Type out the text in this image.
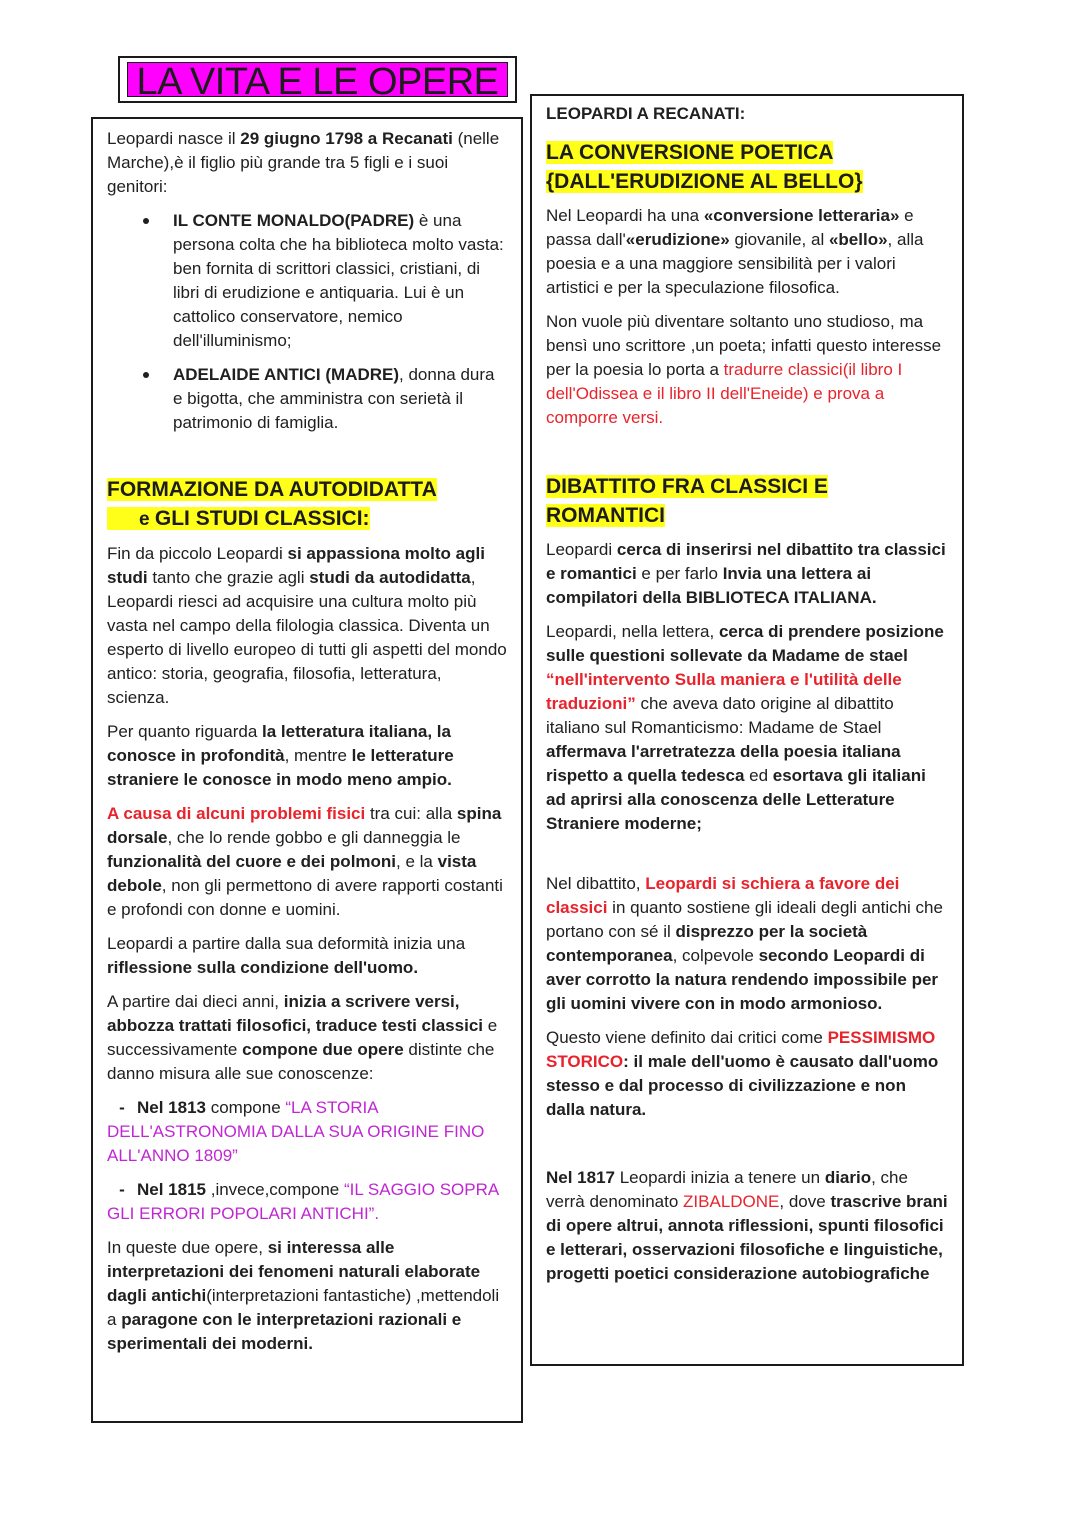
LA VITA E LE OPERE

Leopardi nasce il 29 giugno 1798 a Recanati (nelle Marche),è il figlio più grande tra 5 figli e i suoi genitori:

IL CONTE MONALDO(PADRE) è una persona colta che ha biblioteca molto vasta: ben fornita di scrittori classici, cristiani, di libri di erudizione e antiquaria. Lui è un cattolico conservatore, nemico dell'illuminismo;
ADELAIDE ANTICI (MADRE), donna dura e bigotta, che amministra con serietà il patrimonio di famiglia.
FORMAZIONE DA AUTODIDATTA
e GLI STUDI CLASSICI:

Fin da piccolo Leopardi si appassiona molto agli studi tanto che grazie agli studi da autodidatta, Leopardi riesci ad acquisire una cultura molto più vasta nel campo della filologia classica. Diventa un esperto di livello europeo di tutti gli aspetti del mondo antico: storia, geografia, filosofia, letteratura, scienza.

Per quanto riguarda la letteratura italiana, la conosce in profondità, mentre le letterature straniere le conosce in modo meno ampio.

A causa di alcuni problemi fisici tra cui: alla spina dorsale, che lo rende gobbo e gli danneggia le funzionalità del cuore e dei polmoni, e la vista debole, non gli permettono di avere rapporti costanti e profondi con donne e uomini.

Leopardi a partire dalla sua deformità inizia una riflessione sulla condizione dell'uomo.

A partire dai dieci anni, inizia a scrivere versi, abbozza trattati filosofici, traduce testi classici e successivamente compone due opere distinte che danno misura alle sue conoscenze:

- Nel 1813 compone “LA STORIA DELL'ASTRONOMIA DALLA SUA ORIGINE FINO ALL'ANNO 1809”

- Nel 1815 ,invece,compone “IL SAGGIO SOPRA GLI ERRORI POPOLARI ANTICHI”.

In queste due opere, si interessa alle interpretazioni dei fenomeni naturali elaborate dagli antichi(interpretazioni fantastiche) ,mettendoli a paragone con le interpretazioni razionali e sperimentali dei moderni.

LEOPARDI A RECANATI:

LA CONVERSIONE POETICA
{DALL'ERUDIZIONE AL BELLO}

Nel Leopardi ha una «conversione letteraria» e passa dall'«erudizione» giovanile, al «bello», alla poesia e a una maggiore sensibilità per i valori artistici e per la speculazione filosofica.

Non vuole più diventare soltanto uno studioso, ma bensì uno scrittore ,un poeta; infatti questo interesse per la poesia lo porta a tradurre classici(il libro I dell'Odissea e il libro II dell'Eneide) e prova a comporre versi.

DIBATTITO FRA CLASSICI E
ROMANTICI

Leopardi cerca di inserirsi nel dibattito tra classici e romantici e per farlo Invia una lettera ai compilatori della BIBLIOTECA ITALIANA.

Leopardi, nella lettera, cerca di prendere posizione sulle questioni sollevate da Madame de stael “nell'intervento Sulla maniera e l'utilità delle traduzioni” che aveva dato origine al dibattito italiano sul Romanticismo: Madame de Stael affermava l'arretratezza della poesia italiana rispetto a quella tedesca ed esortava gli italiani ad aprirsi alla conoscenza delle Letterature Straniere moderne;

Nel dibattito, Leopardi si schiera a favore dei classici in quanto sostiene gli ideali degli antichi che portano con sé il disprezzo per la società contemporanea, colpevole secondo Leopardi di aver corrotto la natura rendendo impossibile per gli uomini vivere con in modo armonioso.

Questo viene definito dai critici come PESSIMISMO STORICO: il male dell'uomo è causato dall'uomo stesso e dal processo di civilizzazione e non dalla natura.

Nel 1817 Leopardi inizia a tenere un diario, che verrà denominato ZIBALDONE, dove trascrive brani di opere altrui, annota riflessioni, spunti filosofici e letterari, osservazioni filosofiche e linguistiche, progetti poetici considerazione autobiografiche
